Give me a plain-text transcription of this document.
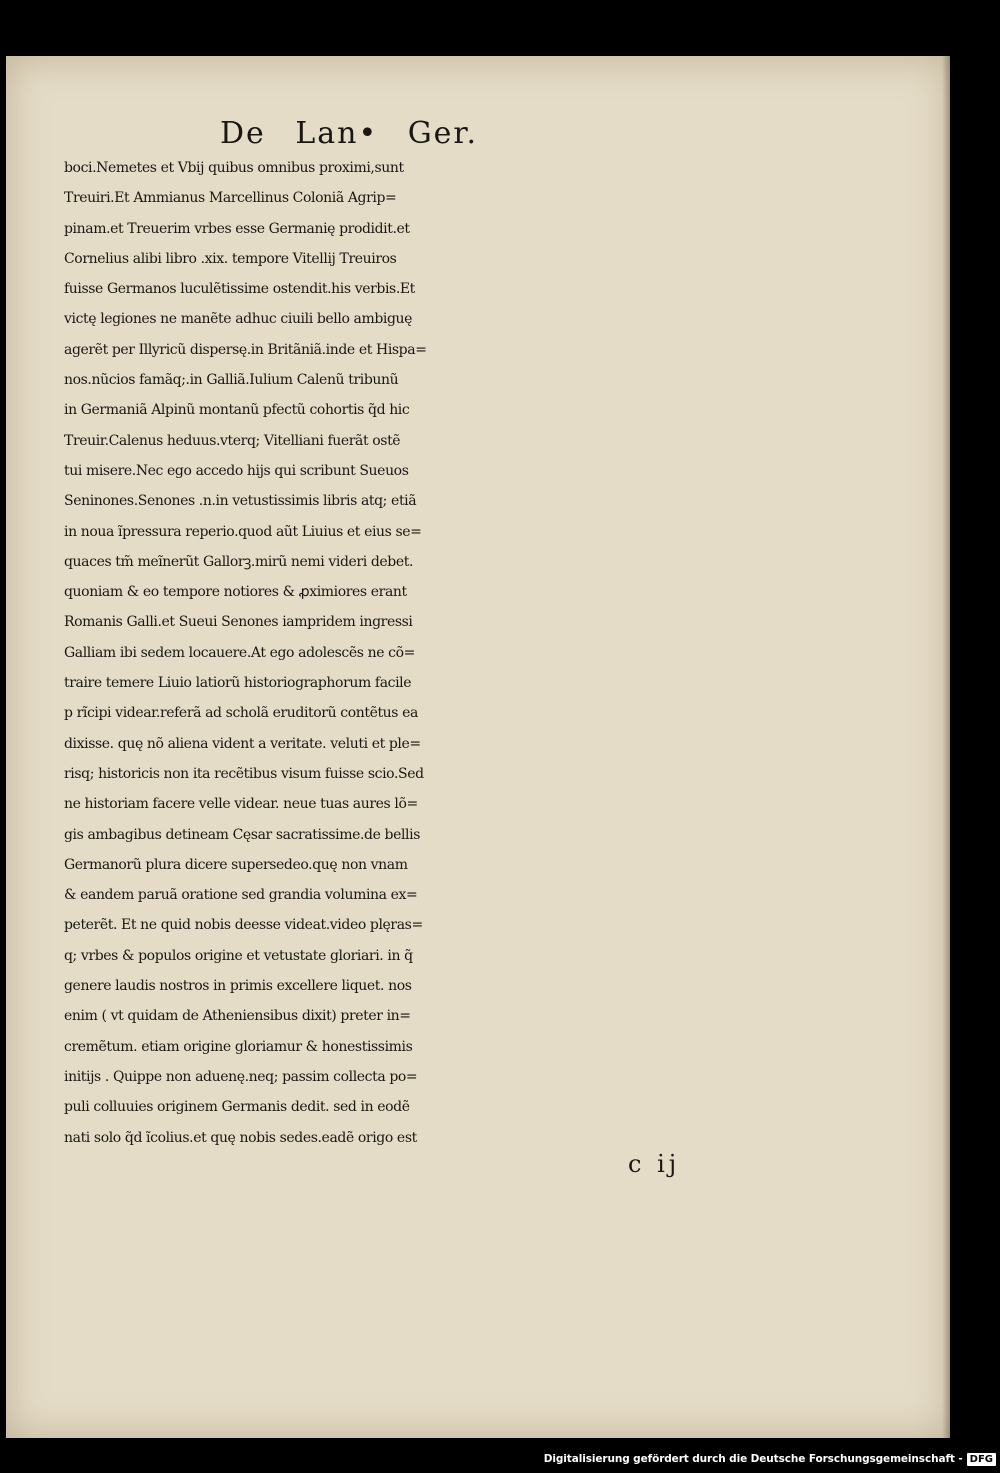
De Lan• Ger.
boci.Nemetes et Vbij quibus omnibus proximi,sunt
Treuiri.Et Ammianus Marcellinus Coloniã Agrip=
pinam.et Treuerim vrbes esse Germanię prodidit.et
Cornelius alibi libro .xix. tempore Vitellij Treuiros
fuisse Germanos luculẽtissime ostendit.his verbis.Et
victę legiones ne manẽte adhuc ciuili bello ambiguę
agerẽt per Illyricũ dispersę.in Britãniã.inde et Hispa=
nos.nũcios famãq;.in Galliã.Iulium Calenũ tribunũ
in Germaniã Alpinũ montanũ pfectũ cohortis q̃d hic
Treuir.Calenus heduus.vterq; Vitelliani fuerãt ostẽ
tui misere.Nec ego accedo hijs qui scribunt Sueuos
Seninones.Senones .n.in vetustissimis libris atq; etiã
in noua ĩpressura reperio.quod aũt Liuius et eius se=
quaces tm̃ meĩnerũt Gallorꝫ.mirũ nemi videri debet.
quoniam & eo tempore notiores & ꝓximiores erant
Romanis Galli.et Sueui Senones iampridem ingressi
Galliam ibi sedem locauere.At ego adolescẽs ne cõ=
traire temere Liuio latiorũ historiographorum facile
p rĩcipi videar.referã ad scholã eruditorũ contẽtus ea
dixisse. quę nõ aliena vident a veritate. veluti et ple=
risq; historicis non ita recẽtibus visum fuisse scio.Sed
ne historiam facere velle videar. neue tuas aures lõ=
gis ambagibus detineam Cęsar sacratissime.de bellis
Germanorũ plura dicere supersedeo.quę non vnam
& eandem paruã oratione sed grandia volumina ex=
peterẽt. Et ne quid nobis deesse videat.video plęras=
q; vrbes & populos origine et vetustate gloriari. in q̃
genere laudis nostros in primis excellere liquet. nos
enim ( vt quidam de Atheniensibus dixit) preter in=
cremẽtum. etiam origine gloriamur & honestissimis
initijs . Quippe non aduenę.neq; passim collecta po=
puli colluuies originem Germanis dedit. sed in eodẽ
nati solo q̃d ĩcolius.et quę nobis sedes.eadẽ origo est
c ij
Digitalisierung gefördert durch die Deutsche Forschungsgemeinschaft - DFG
